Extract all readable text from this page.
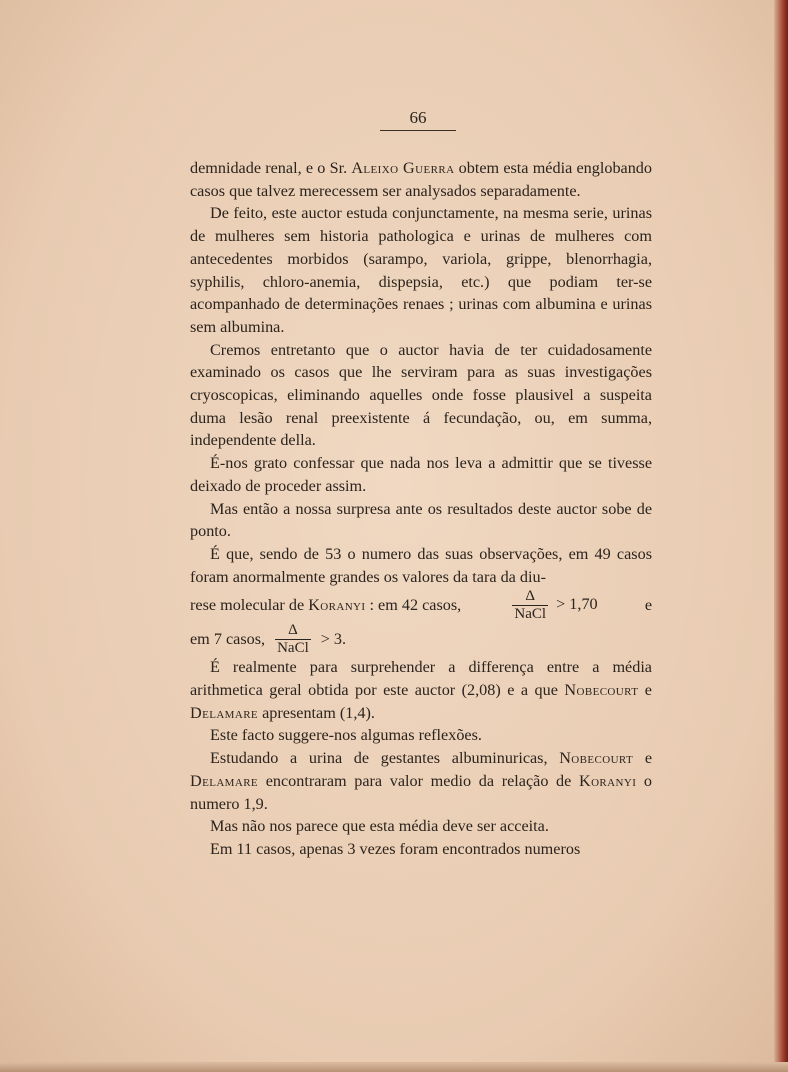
66

demnidade renal, e o Sr. Aleixo Guerra obtem esta média englobando casos que talvez merecessem ser analysados separadamente.

De feito, este auctor estuda conjunctamente, na mesma serie, urinas de mulheres sem historia pathologica e urinas de mulheres com antecedentes morbidos (sarampo, variola, grippe, blenorrhagia, syphilis, chloro-anemia, dispepsia, etc.) que podiam ter-se acompanhado de determinações renaes ; urinas com albumina e urinas sem albumina.

Cremos entretanto que o auctor havia de ter cuidadosamente examinado os casos que lhe serviram para as suas investigações cryoscopicas, eliminando aquelles onde fosse plausivel a suspeita duma lesão renal preexistente á fecundação, ou, em summa, independente della.

É-nos grato confessar que nada nos leva a admittir que se tivesse deixado de proceder assim.

Mas então a nossa surpresa ante os resultados deste auctor sobe de ponto.

É que, sendo de 53 o numero das suas observações, em 49 casos foram anormalmente grandes os valores da tara da diu-

rese molecular de Koranyi : em 42 casos,	$\frac{\Delta}{\text{NaCl}} > 1,70$	e
em 7 casos, $\frac{\Delta}{\text{NaCl}} > 3$.

É realmente para surprehender a differença entre a média arithmetica geral obtida por este auctor (2,08) e a que Nobecourt e Delamare apresentam (1,4).

Este facto suggere-nos algumas reflexões.

Estudando a urina de gestantes albuminuricas, Nobecourt e Delamare encontraram para valor medio da relação de Koranyi o numero 1,9.

Mas não nos parece que esta média deve ser acceita.

Em 11 casos, apenas 3 vezes foram encontrados numeros
